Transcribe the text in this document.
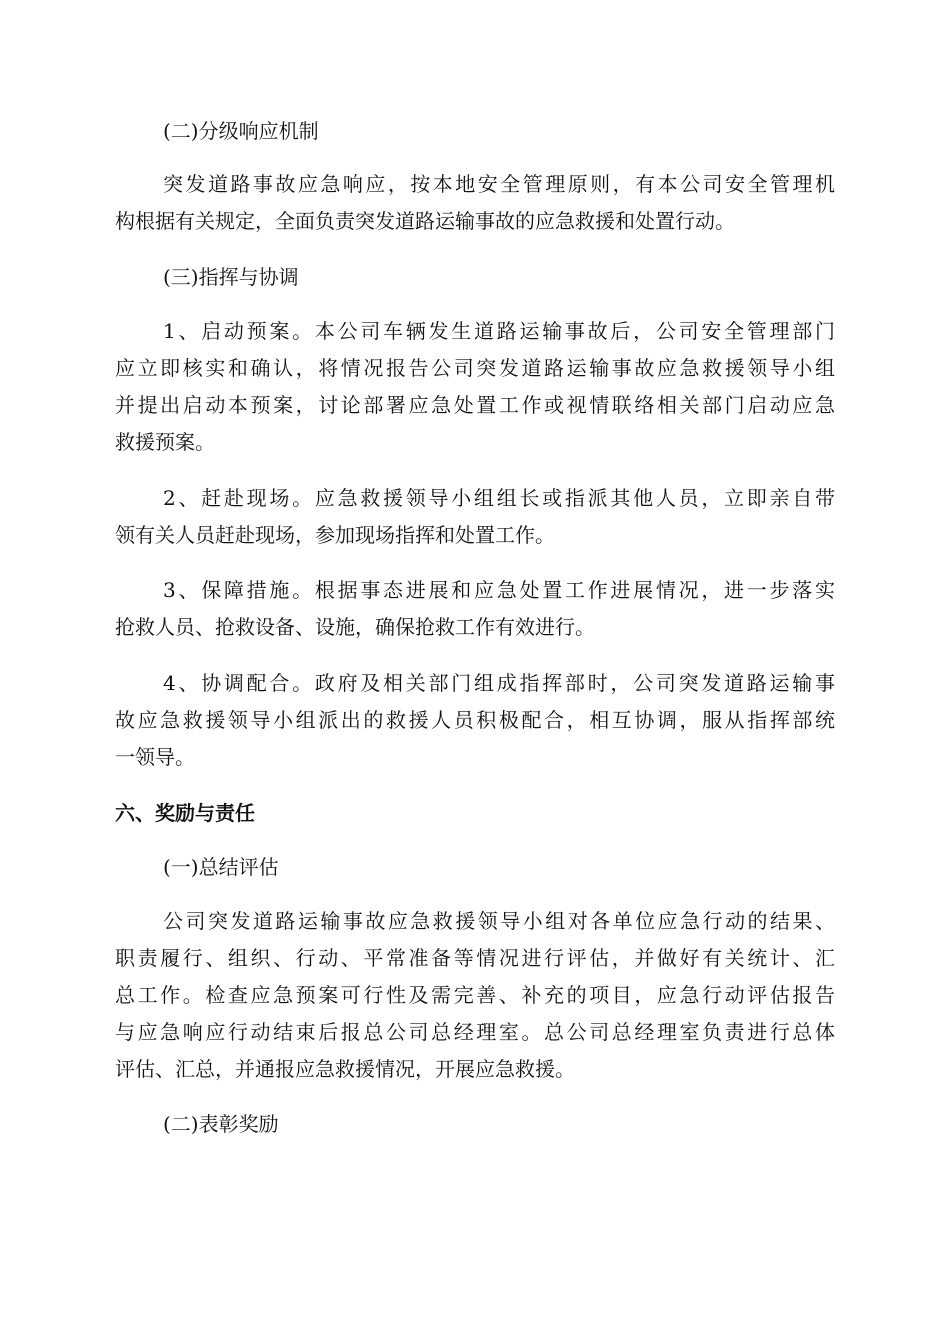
(二)分级响应机制
突发道路事故应急响应，按本地安全管理原则，有本公司安全管理机
构根据有关规定，全面负责突发道路运输事故的应急救援和处置行动。
(三)指挥与协调
1、启动预案。本公司车辆发生道路运输事故后，公司安全管理部门
应立即核实和确认，将情况报告公司突发道路运输事故应急救援领导小组
并提出启动本预案，讨论部署应急处置工作或视情联络相关部门启动应急
救援预案。
2、赶赴现场。应急救援领导小组组长或指派其他人员，立即亲自带
领有关人员赶赴现场，参加现场指挥和处置工作。
3、保障措施。根据事态进展和应急处置工作进展情况，进一步落实
抢救人员、抢救设备、设施，确保抢救工作有效进行。
4、协调配合。政府及相关部门组成指挥部时，公司突发道路运输事
故应急救援领导小组派出的救援人员积极配合，相互协调，服从指挥部统
一领导。
六、奖励与责任
(一)总结评估
公司突发道路运输事故应急救援领导小组对各单位应急行动的结果、
职责履行、组织、行动、平常准备等情况进行评估，并做好有关统计、汇
总工作。检查应急预案可行性及需完善、补充的项目，应急行动评估报告
与应急响应行动结束后报总公司总经理室。总公司总经理室负责进行总体
评估、汇总，并通报应急救援情况，开展应急救援。
(二)表彰奖励
